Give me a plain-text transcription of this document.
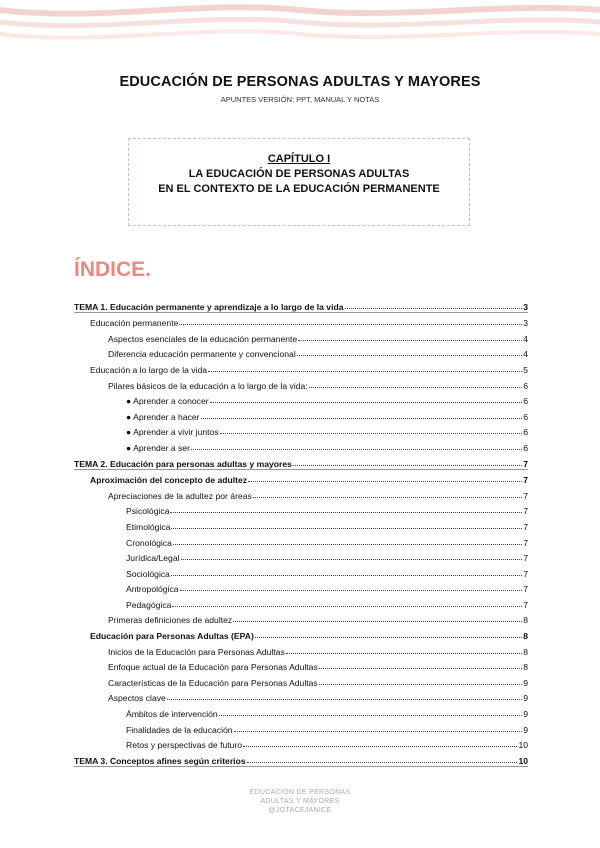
EDUCACIÓN DE PERSONAS ADULTAS Y MAYORES
APUNTES VERSIÓN: PPT, MANUAL Y NOTAS
CAPÍTULO I
LA EDUCACIÓN DE PERSONAS ADULTAS
EN EL CONTEXTO DE LA EDUCACIÓN PERMANENTE
ÍNDICE.
TEMA 1. Educación permanente y aprendizaje a lo largo de la vida	3
Educación permanente	3
Aspectos esenciales de la educación permanente	4
Diferencia educación permanente y convencional	4
Educación a lo largo de la vida	5
Pilares básicos de la educación a lo largo de la vida:	6
● Aprender a conocer	6
● Aprender a hacer	6
● Aprender a vivir juntos	6
● Aprender a ser	6
TEMA 2. Educación para personas adultas y mayores	7
Aproximación del concepto de adultez	7
Apreciaciones de la adultez por áreas	7
Psicológica	7
Etimológica	7
Cronológica	7
Jurídica/Legal	7
Sociológica	7
Antropológica	7
Pedagógica	7
Primeras definiciones de adultez	8
Educación para Personas Adultas (EPA)	8
Inicios de la Educación para Personas Adultas	8
Enfoque actual de la Educación para Personas Adultas	8
Características de la Educación para Personas Adultas	9
Aspectos clave	9
Ámbitos de intervención	9
Finalidades de la educación	9
Retos y perspectivas de futuro	10
TEMA 3. Conceptos afines según criterios	10
EDUCACIÓN DE PERSONAS
ADULTAS Y MAYORES
@JOTACEJANICE
